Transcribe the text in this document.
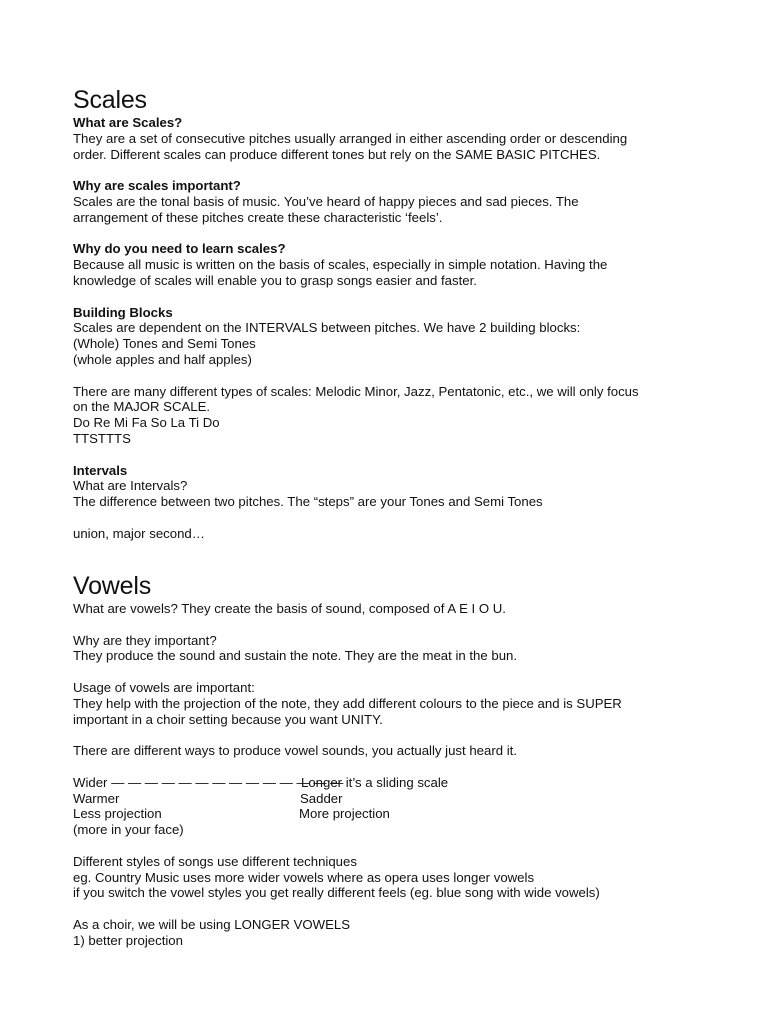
Scales
What are Scales?

They are a set of consecutive pitches usually arranged in either ascending order or descending

order. Different scales can produce different tones but rely on the SAME BASIC PITCHES.

Why are scales important?

Scales are the tonal basis of music. You’ve heard of happy pieces and sad pieces. The

arrangement of these pitches create these characteristic ‘feels’.

Why do you need to learn scales?

Because all music is written on the basis of scales, especially in simple notation. Having the

knowledge of scales will enable you to grasp songs easier and faster.

Building Blocks

Scales are dependent on the INTERVALS between pitches. We have 2 building blocks:

(Whole) Tones and Semi Tones

(whole apples and half apples)

There are many different types of scales: Melodic Minor, Jazz, Pentatonic, etc., we will only focus

on the MAJOR SCALE.

Do Re Mi Fa So La Ti Do

TTSTTTS

Intervals

What are Intervals?

The difference between two pitches. The “steps” are your Tones and Semi Tones

union, major second…

Vowels

What are vowels? They create the basis of sound, composed of A E I O U.

Why are they important?

They produce the sound and sustain the note. They are the meat in the bun.

Usage of vowels are important:

They help with the projection of the note, they add different colours to the piece and is SUPER

important in a choir setting because you want UNITY.

There are different ways to produce vowel sounds, you actually just heard it.

Wider — — — — — — — — — — — — — —
Longer it’s a sliding scale
Warmer	Sadder
Less projection	More projection
(more in your face)

Different styles of songs use different techniques

eg. Country Music uses more wider vowels where as opera uses longer vowels

if you switch the vowel styles you get really different feels (eg. blue song with wide vowels)

As a choir, we will be using LONGER VOWELS

1) better projection
